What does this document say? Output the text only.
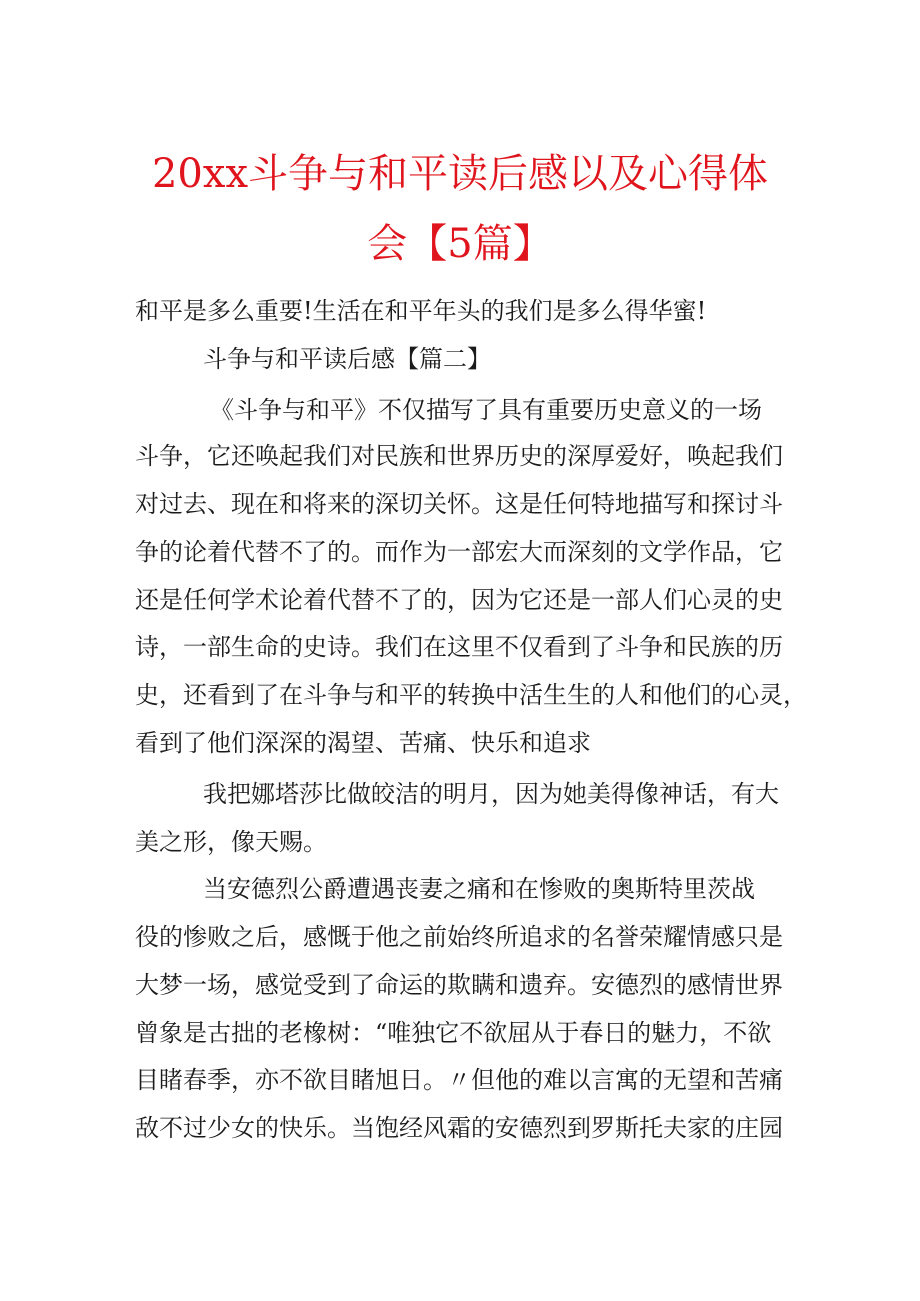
20xx斗争与和平读后感以及心得体
会【5篇】
和平是多么重要!生活在和平年头的我们是多么得华蜜!
斗争与和平读后感【篇二】
《斗争与和平》不仅描写了具有重要历史意义的一场
斗争，它还唤起我们对民族和世界历史的深厚爱好，唤起我们
对过去、现在和将来的深切关怀。这是任何特地描写和探讨斗
争的论着代替不了的。而作为一部宏大而深刻的文学作品，它
还是任何学术论着代替不了的，因为它还是一部人们心灵的史
诗，一部生命的史诗。我们在这里不仅看到了斗争和民族的历
史，还看到了在斗争与和平的转换中活生生的人和他们的心灵，
看到了他们深深的渴望、苦痛、快乐和追求
我把娜塔莎比做皎洁的明月，因为她美得像神话，有大
美之形，像天赐。
当安德烈公爵遭遇丧妻之痛和在惨败的奥斯特里茨战
役的惨败之后，感慨于他之前始终所追求的名誉荣耀情感只是
大梦一场，感觉受到了命运的欺瞒和遗弃。安德烈的感情世界
曾象是古拙的老橡树：“唯独它不欲屈从于春日的魅力，不欲
目睹春季，亦不欲目睹旭日。〃但他的难以言寓的无望和苦痛
敌不过少女的快乐。当饱经风霜的安德烈到罗斯托夫家的庄园
